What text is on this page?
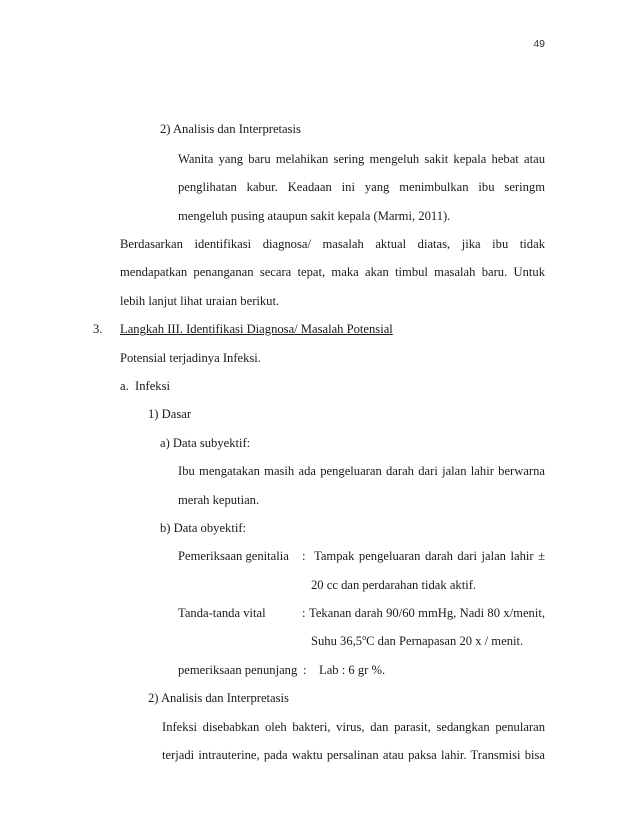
49
2) Analisis dan Interpretasis
Wanita yang baru melahikan sering mengeluh sakit kepala hebat atau
penglihatan kabur. Keadaan ini yang menimbulkan ibu seringm
mengeluh pusing ataupun sakit kepala (Marmi, 2011).
Berdasarkan identifikasi diagnosa/ masalah aktual diatas, jika ibu tidak
mendapatkan penanganan secara tepat, maka akan timbul masalah baru. Untuk
lebih lanjut lihat uraian berikut.
3. Langkah III. Identifikasi Diagnosa/ Masalah Potensial
Potensial terjadinya Infeksi.
a.  Infeksi
1) Dasar
a) Data subyektif:
Ibu mengatakan masih ada pengeluaran darah dari jalan lahir berwarna
merah keputian.
b) Data obyektif:
Pemeriksaan genitalia : Tampak pengeluaran darah dari jalan lahir ±
20 cc dan perdarahan tidak aktif.
Tanda-tanda vital	: Tekanan darah 90/60 mmHg, Nadi 80 x/menit,
Suhu 36,5$^o$C dan Pernapasan 20 x / menit.
pemeriksaan penunjang : Lab : 6 gr %.
2) Analisis dan Interpretasis
Infeksi disebabkan oleh bakteri, virus, dan parasit, sedangkan penularan
terjadi intrauterine, pada waktu persalinan atau paksa lahir. Transmisi bisa
